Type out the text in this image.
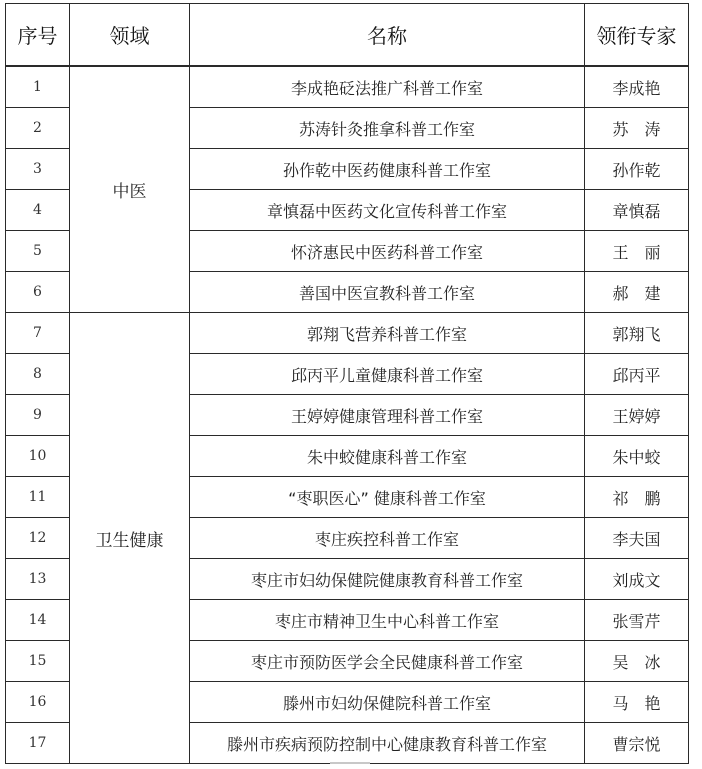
序号	领域	名称	领衔专家
1	中医	李成艳砭法推广科普工作室	李成艳
2		苏涛针灸推拿科普工作室	苏　涛
3		孙作乾中医药健康科普工作室	孙作乾
4		章慎磊中医药文化宣传科普工作室	章慎磊
5		怀济惠民中医药科普工作室	王　丽
6		善国中医宣教科普工作室	郝　建
7	卫生健康	郭翔飞营养科普工作室	郭翔飞
8		邱丙平儿童健康科普工作室	邱丙平
9		王婷婷健康管理科普工作室	王婷婷
10		朱中蛟健康科普工作室	朱中蛟
11		“枣职医心” 健康科普工作室	祁　鹏
12		枣庄疾控科普工作室	李夫国
13		枣庄市妇幼保健院健康教育科普工作室	刘成文
14		枣庄市精神卫生中心科普工作室	张雪芹
15		枣庄市预防医学会全民健康科普工作室	吴　冰
16		滕州市妇幼保健院科普工作室	马　艳
17		滕州市疾病预防控制中心健康教育科普工作室	曹宗悦
